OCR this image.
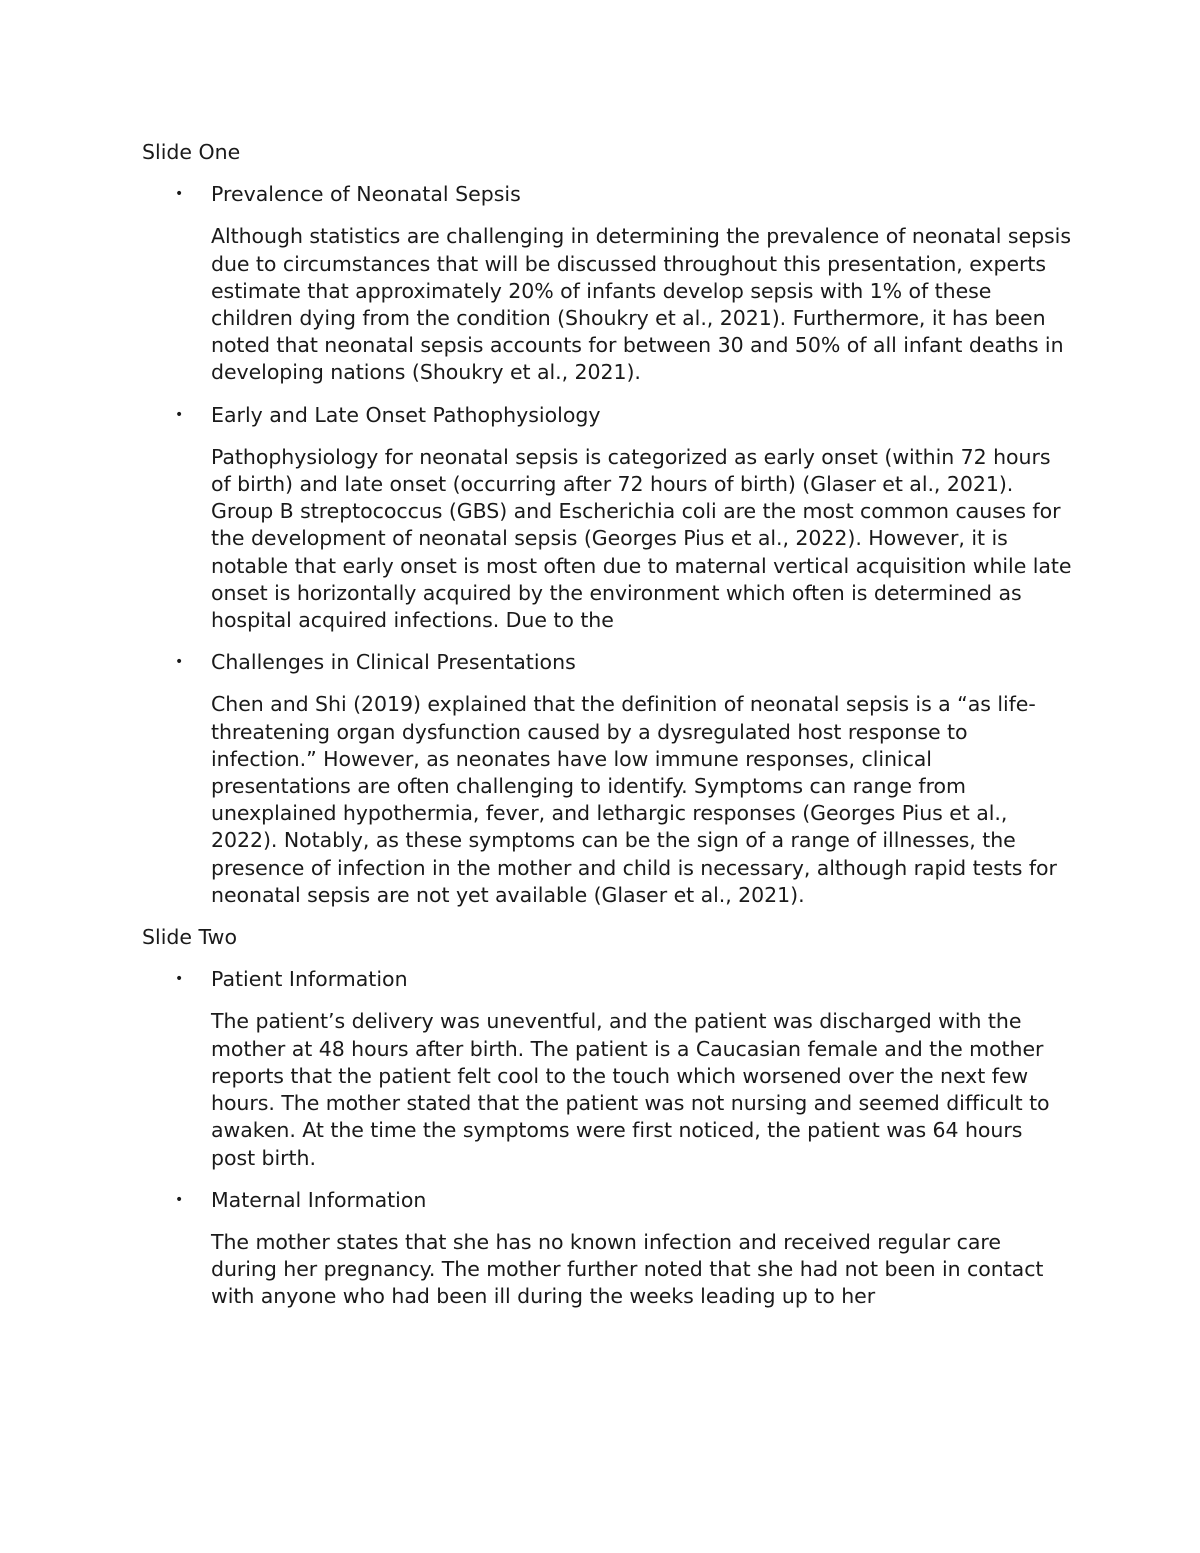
Slide One

• Prevalence of Neonatal Sepsis

Although statistics are challenging in determining the prevalence of neonatal sepsis due to circumstances that will be discussed throughout this presentation, experts estimate that approximately 20% of infants develop sepsis with 1% of these children dying from the condition (Shoukry et al., 2021). Furthermore, it has been noted that neonatal sepsis accounts for between 30 and 50% of all infant deaths in developing nations (Shoukry et al., 2021).

• Early and Late Onset Pathophysiology

Pathophysiology for neonatal sepsis is categorized as early onset (within 72 hours of birth) and late onset (occurring after 72 hours of birth) (Glaser et al., 2021). Group B streptococcus (GBS) and Escherichia coli are the most common causes for the development of neonatal sepsis (Georges Pius et al., 2022). However, it is notable that early onset is most often due to maternal vertical acquisition while late onset is horizontally acquired by the environment which often is determined as hospital acquired infections. Due to the

• Challenges in Clinical Presentations

Chen and Shi (2019) explained that the definition of neonatal sepsis is a “as life-threatening organ dysfunction caused by a dysregulated host response to infection.” However, as neonates have low immune responses, clinical presentations are often challenging to identify. Symptoms can range from unexplained hypothermia, fever, and lethargic responses (Georges Pius et al., 2022). Notably, as these symptoms can be the sign of a range of illnesses, the presence of infection in the mother and child is necessary, although rapid tests for neonatal sepsis are not yet available (Glaser et al., 2021).

Slide Two

• Patient Information

The patient’s delivery was uneventful, and the patient was discharged with the mother at 48 hours after birth. The patient is a Caucasian female and the mother reports that the patient felt cool to the touch which worsened over the next few hours. The mother stated that the patient was not nursing and seemed difficult to awaken. At the time the symptoms were first noticed, the patient was 64 hours post birth.

• Maternal Information

The mother states that she has no known infection and received regular care during her pregnancy. The mother further noted that she had not been in contact with anyone who had been ill during the weeks leading up to her
